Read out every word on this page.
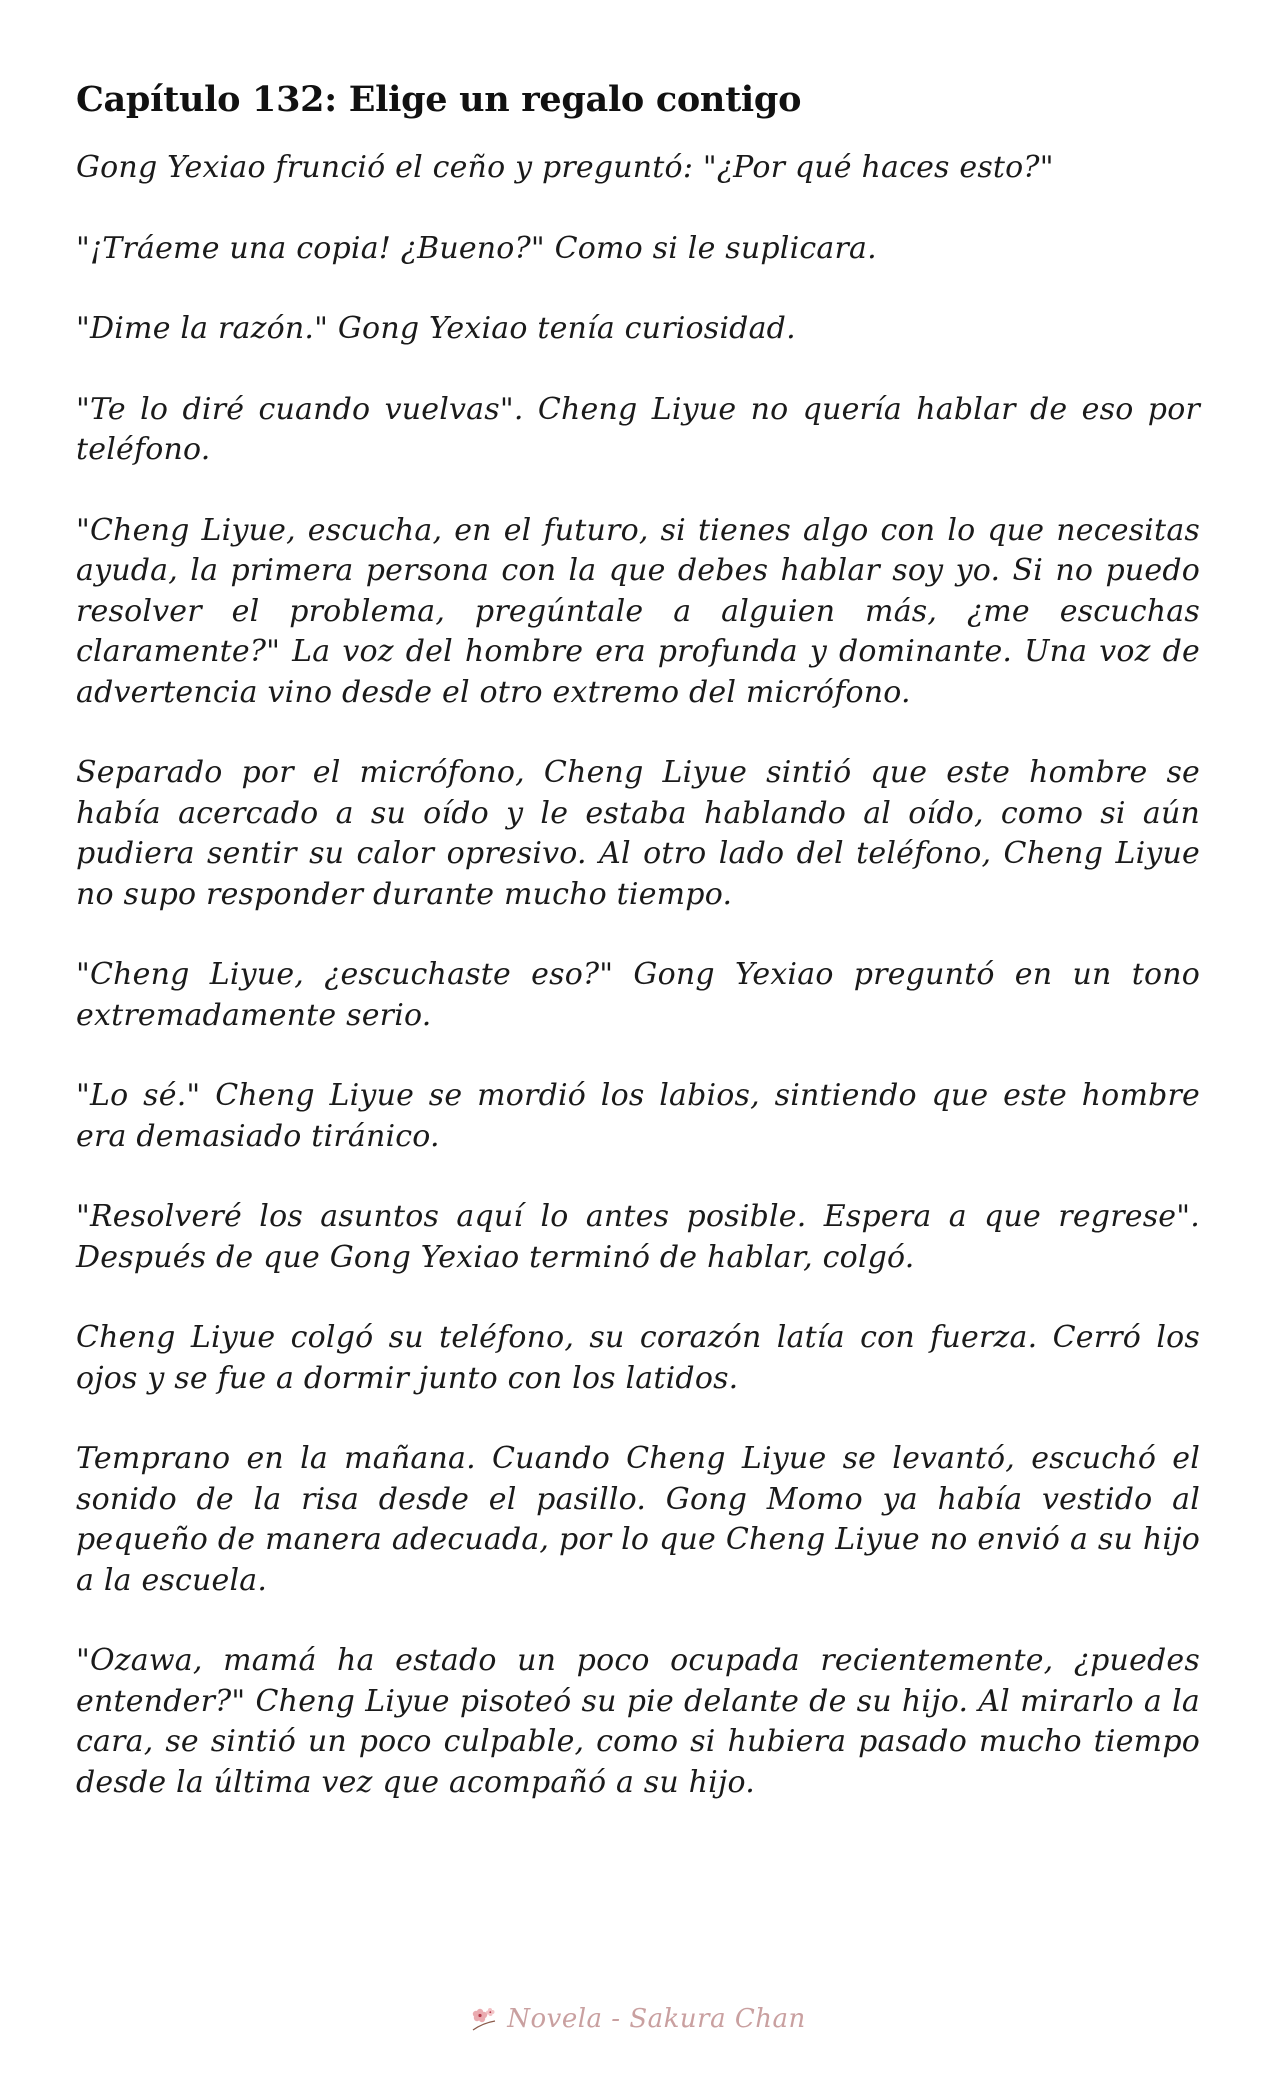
Capítulo 132: Elige un regalo contigo

Gong Yexiao frunció el ceño y preguntó: "¿Por qué haces esto?"

"¡Tráeme una copia! ¿Bueno?" Como si le suplicara.

"Dime la razón." Gong Yexiao tenía curiosidad.

"Te lo diré cuando vuelvas". Cheng Liyue no quería hablar de eso por teléfono.

"Cheng Liyue, escucha, en el futuro, si tienes algo con lo que necesitas ayuda, la primera persona con la que debes hablar soy yo. Si no puedo resolver el problema, pregúntale a alguien más, ¿me escuchas claramente?" La voz del hombre era profunda y dominante. Una voz de advertencia vino desde el otro extremo del micrófono.

Separado por el micrófono, Cheng Liyue sintió que este hombre se había acercado a su oído y le estaba hablando al oído, como si aún pudiera sentir su calor opresivo. Al otro lado del teléfono, Cheng Liyue no supo responder durante mucho tiempo.

"Cheng Liyue, ¿escuchaste eso?" Gong Yexiao preguntó en un tono extremadamente serio.

"Lo sé." Cheng Liyue se mordió los labios, sintiendo que este hombre era demasiado tiránico.

"Resolveré los asuntos aquí lo antes posible. Espera a que regrese". Después de que Gong Yexiao terminó de hablar, colgó.

Cheng Liyue colgó su teléfono, su corazón latía con fuerza. Cerró los ojos y se fue a dormir junto con los latidos.

Temprano en la mañana. Cuando Cheng Liyue se levantó, escuchó el sonido de la risa desde el pasillo. Gong Momo ya había vestido al pequeño de manera adecuada, por lo que Cheng Liyue no envió a su hijo a la escuela.

"Ozawa, mamá ha estado un poco ocupada recientemente, ¿puedes entender?" Cheng Liyue pisoteó su pie delante de su hijo. Al mirarlo a la cara, se sintió un poco culpable, como si hubiera pasado mucho tiempo desde la última vez que acompañó a su hijo.

Novela - Sakura Chan
